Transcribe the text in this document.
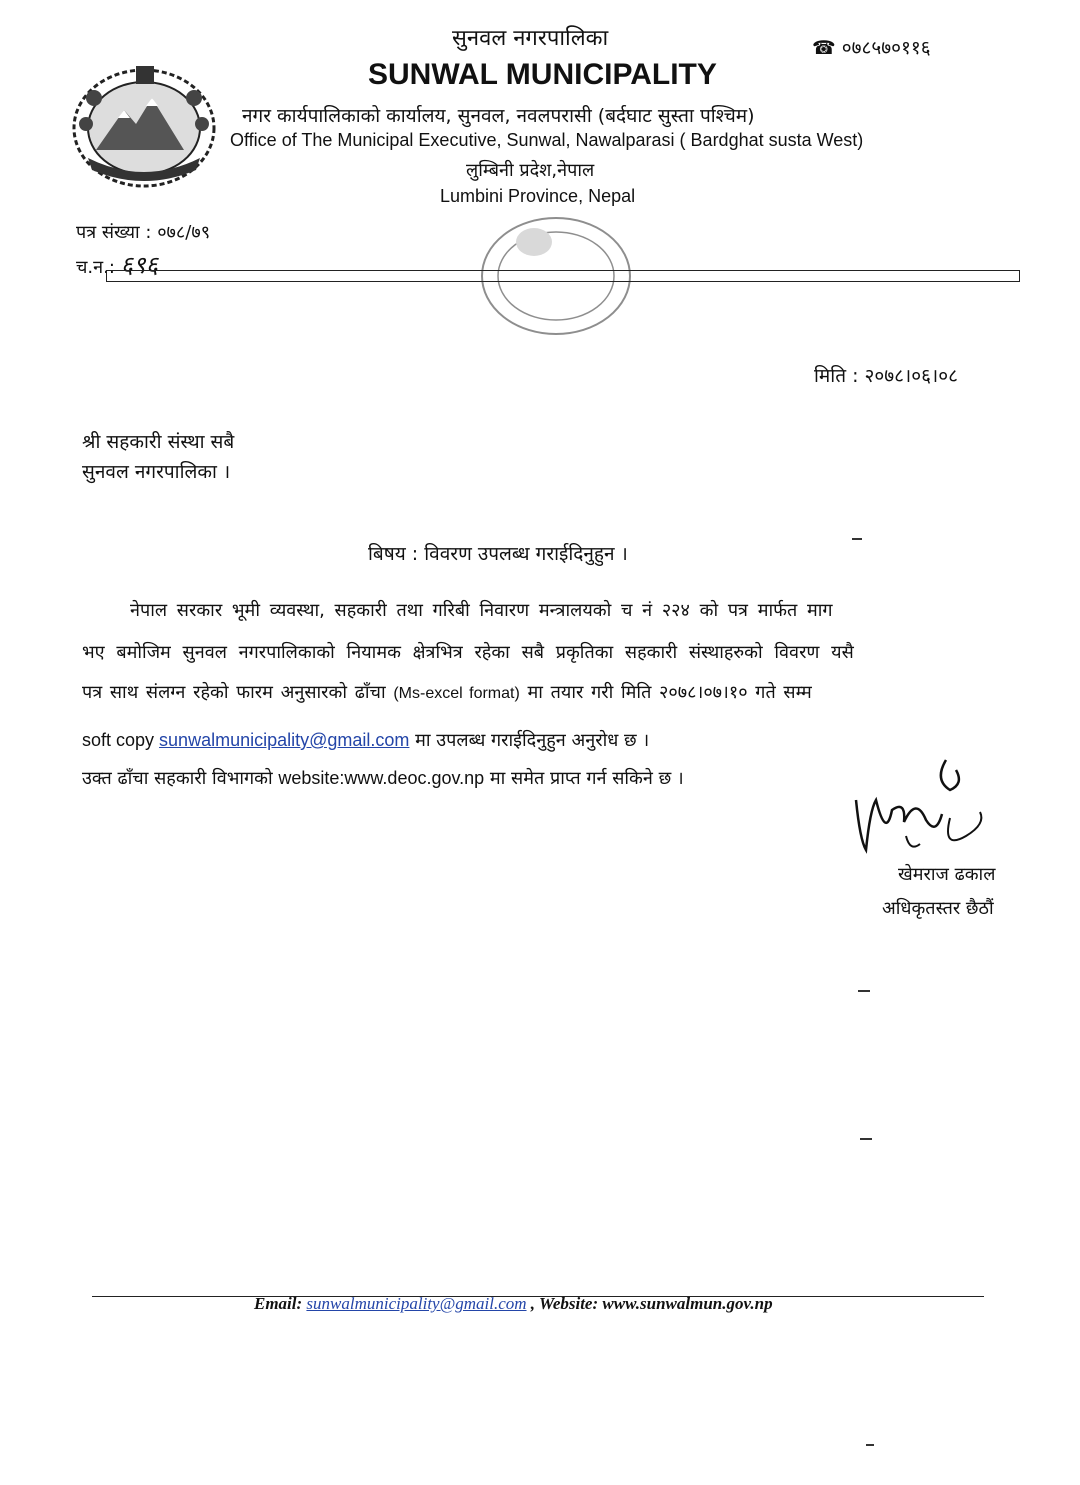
सुनवल नगरपालिका
SUNWAL MUNICIPALITY
☎ ०७८५७०११६
नगर कार्यपालिकाको कार्यालय, सुनवल, नवलपरासी (बर्दघाट सुस्ता पश्चिम)
Office of The Municipal Executive, Sunwal, Nawalparasi ( Bardghat susta West)
लुम्बिनी प्रदेश,नेपाल
Lumbini Province, Nepal
पत्र संख्या : ०७८/७९
च.न.: ६९६
मिति : २०७८।०६।०८
श्री सहकारी संस्था सबै
सुनवल नगरपालिका ।
बिषय : विवरण उपलब्ध गराईदिनुहुन ।
नेपाल सरकार भूमी व्यवस्था, सहकारी तथा गरिबी निवारण मन्त्रालयको च नं २२४ को पत्र मार्फत माग
भए बमोजिम सुनवल नगरपालिकाको नियामक क्षेत्रभित्र रहेका सबै प्रकृतिका सहकारी संस्थाहरुको विवरण यसै
पत्र साथ संलग्न रहेको फारम अनुसारको ढाँचा (Ms-excel format) मा तयार गरी मिति २०७८।०७।१० गते सम्म
soft copy sunwalmunicipality@gmail.com मा उपलब्ध गराईदिनुहुन अनुरोध छ ।
उक्त ढाँचा सहकारी विभागको website:www.deoc.gov.np मा समेत प्राप्त गर्न सकिने छ ।
खेमराज ढकाल
अधिकृतस्तर छैठौं
Email: sunwalmunicipality@gmail.com , Website: www.sunwalmun.gov.np
